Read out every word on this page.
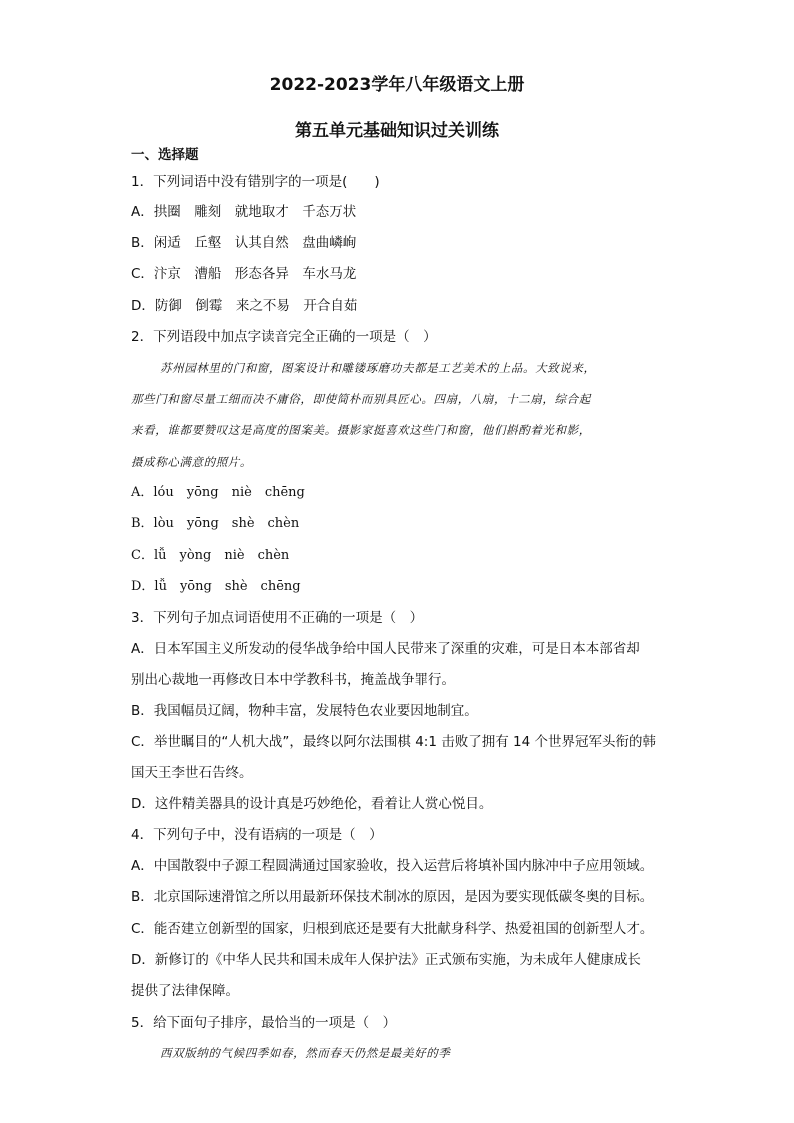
2022-2023学年八年级语文上册
第五单元基础知识过关训练
一、选择题
1．下列词语中没有错别字的一项是(　　)
A．拱圈　雕刻　就地取才　千态万状
B．闲适　丘壑　认其自然　盘曲嶙峋
C．汴京　漕船　形态各异　车水马龙
D．防御　倒霉　来之不易　开合自茹
2．下列语段中加点字读音完全正确的一项是（　）
苏州园林里的门和窗，图案设计和雕镂琢磨功夫都是工艺美术的上品。大致说来，
那些门和窗尽量工细而决不庸俗，即使简朴而别具匠心。四扇，八扇，十二扇，综合起
来看，谁都要赞叹这是高度的图案美。摄影家挺喜欢这些门和窗，他们斟酌着光和影，
摄成称心满意的照片。
A．lóu　yōng　niè　chēng
B．lòu　yōng　shè　chèn
C．lǚ　yòng　niè　chèn
D．lǚ　yōng　shè　chēng
3．下列句子加点词语使用不正确的一项是（　）
A．日本军国主义所发动的侵华战争给中国人民带来了深重的灾难，可是日本本部省却
别出心裁地一再修改日本中学教科书，掩盖战争罪行。
B．我国幅员辽阔，物种丰富，发展特色农业要因地制宜。
C．举世瞩目的“人机大战”，最终以阿尔法围棋 4:1 击败了拥有 14 个世界冠军头衔的韩
国天王李世石告终。
D．这件精美器具的设计真是巧妙绝伦，看着让人赏心悦目。
4．下列句子中，没有语病的一项是（　）
A．中国散裂中子源工程圆满通过国家验收，投入运营后将填补国内脉冲中子应用领域。
B．北京国际速滑馆之所以用最新环保技术制冰的原因，是因为要实现低碳冬奥的目标。
C．能否建立创新型的国家，归根到底还是要有大批献身科学、热爱祖国的创新型人才。
D．新修订的《中华人民共和国未成年人保护法》正式颁布实施，为未成年人健康成长
提供了法律保障。
5．给下面句子排序，最恰当的一项是（　）
西双版纳的气候四季如春，然而春天仍然是最美好的季
